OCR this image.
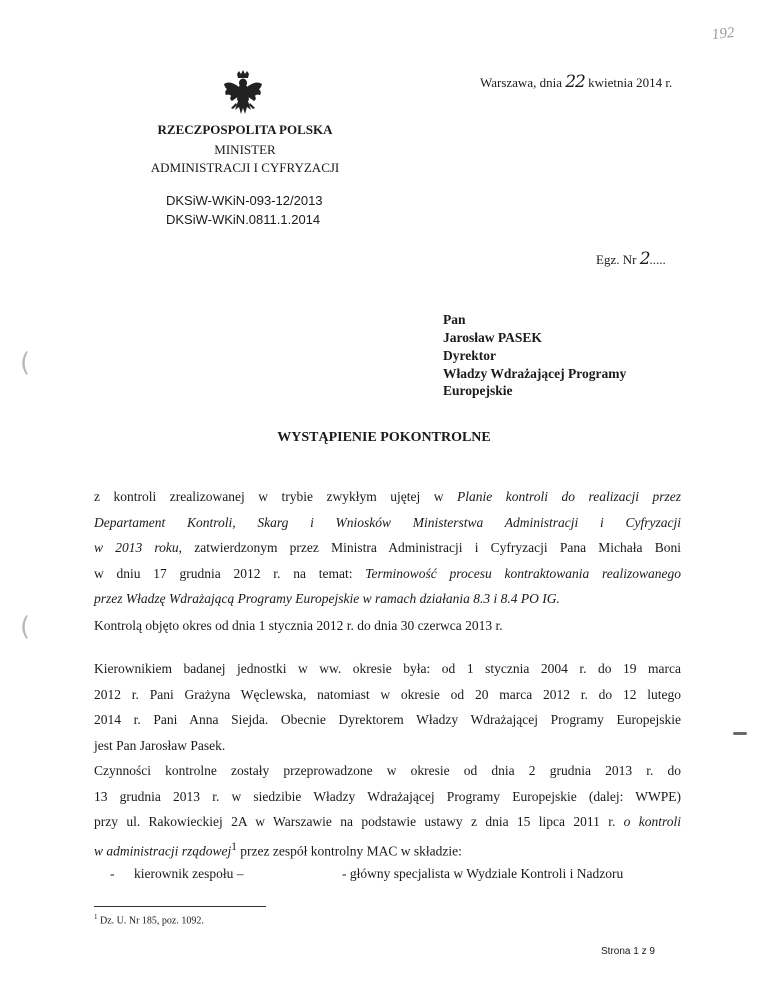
192
Warszawa, dnia 22 kwietnia 2014 r.
RZECZPOSPOLITA POLSKA
MINISTER
ADMINISTRACJI I CYFRYZACJI
DKSiW-WKiN-093-12/2013
DKSiW-WKiN.0811.1.2014
Egz. Nr 2.....
Pan
Jarosław PASEK
Dyrektor
Władzy Wdrażającej Programy
Europejskie
WYSTĄPIENIE POKONTROLNE
z kontroli zrealizowanej w trybie zwykłym ujętej w Planie kontroli do realizacji przez
Departament Kontroli, Skarg i Wniosków Ministerstwa Administracji i Cyfryzacji
w 2013 roku, zatwierdzonym przez Ministra Administracji i Cyfryzacji Pana Michała Boni
w dniu 17 grudnia 2012 r. na temat: Terminowość procesu kontraktowania realizowanego
przez Władzę Wdrażającą Programy Europejskie w ramach działania 8.3 i 8.4 PO IG.
Kontrolą objęto okres od dnia 1 stycznia 2012 r. do dnia 30 czerwca 2013 r.
Kierownikiem badanej jednostki w ww. okresie była: od 1 stycznia 2004 r. do 19 marca
2012 r. Pani Grażyna Węclewska, natomiast w okresie od 20 marca 2012 r. do 12 lutego
2014 r. Pani Anna Siejda. Obecnie Dyrektorem Władzy Wdrażającej Programy Europejskie
jest Pan Jarosław Pasek.
Czynności kontrolne zostały przeprowadzone w okresie od dnia 2 grudnia 2013 r. do
13 grudnia 2013 r. w siedzibie Władzy Wdrażającej Programy Europejskie (dalej: WWPE)
przy ul. Rakowieckiej 2A w Warszawie na podstawie ustawy z dnia 15 lipca 2011 r. o kontroli
w administracji rządowej$^1$ przez zespół kontrolny MAC w składzie:
- kierownik zespołu –	- główny specjalista w Wydziale Kontroli i Nadzoru
$^1$ Dz. U. Nr 185, poz. 1092.
Strona 1 z 9
(
(
